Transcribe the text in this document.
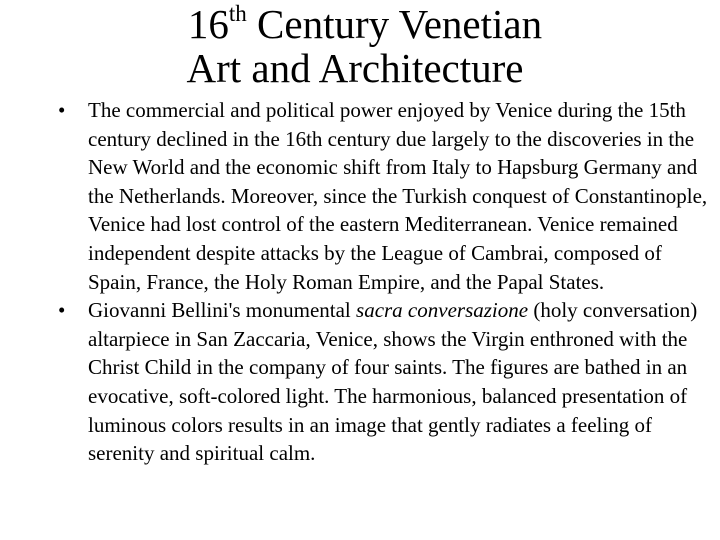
16th Century Venetian
Art and Architecture
•	The commercial and political power enjoyed by Venice during the 15th century declined in the 16th century due largely to the discoveries in the New World and the economic shift from Italy to Hapsburg Germany and the Netherlands. Moreover, since the Turkish conquest of Constantinople, Venice had lost control of the eastern Mediterranean. Venice remained independent despite attacks by the League of Cambrai, composed of Spain, France, the Holy Roman Empire, and the Papal States.
•	Giovanni Bellini's monumental sacra conversazione (holy conversation) altarpiece in San Zaccaria, Venice, shows the Virgin enthroned with the Christ Child in the company of four saints. The figures are bathed in an evocative, soft-colored light. The harmonious, balanced presentation of luminous colors results in an image that gently radiates a feeling of serenity and spiritual calm.
